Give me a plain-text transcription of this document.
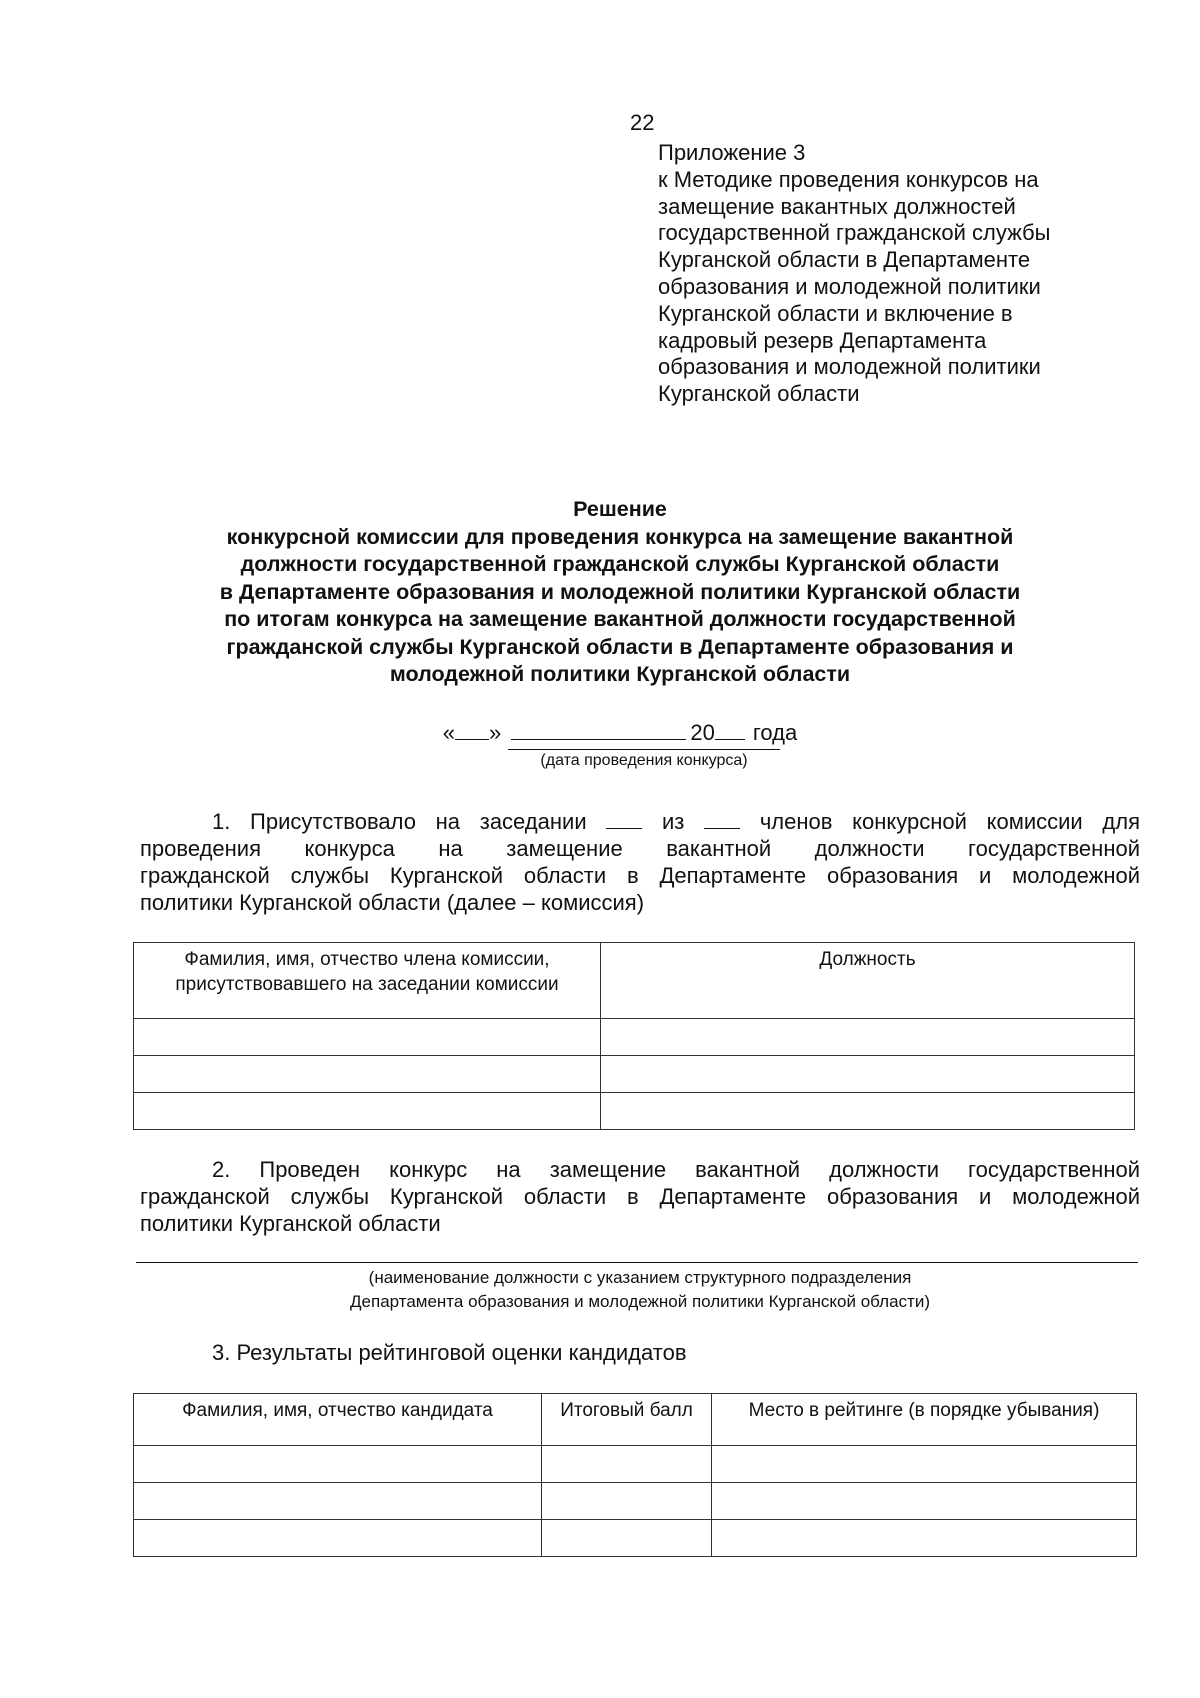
22
Приложение 3
к Методике проведения конкурсов на
замещение вакантных должностей
государственной гражданской службы
Курганской области в Департаменте
образования и молодежной политики
Курганской области и включение в
кадровый резерв Департамента
образования и молодежной политики
Курганской области
Решение
конкурсной комиссии для проведения конкурса на замещение вакантной
должности государственной гражданской службы Курганской области
в Департаменте образования и молодежной политики Курганской области
по итогам конкурса на замещение вакантной должности государственной
гражданской службы Курганской области в Департаменте образования и
молодежной политики Курганской области
« »	20 года
(дата проведения конкурса)
1. Присутствовало на заседании	из	членов конкурсной комиссии для
проведения конкурса на замещение вакантной должности государственной
гражданской службы Курганской области в Департаменте образования и молодежной
политики Курганской области (далее – комиссия)
Фамилия, имя, отчество члена комиссии, присутствовавшего на заседании комиссии	Должность

2. Проведен конкурс на замещение вакантной должности государственной
гражданской службы Курганской области в Департаменте образования и молодежной
политики Курганской области
(наименование должности с указанием структурного подразделения
Департамента образования и молодежной политики Курганской области)
3. Результаты рейтинговой оценки кандидатов
Фамилия, имя, отчество кандидата	Итоговый балл	Место в рейтинге (в порядке убывания)
